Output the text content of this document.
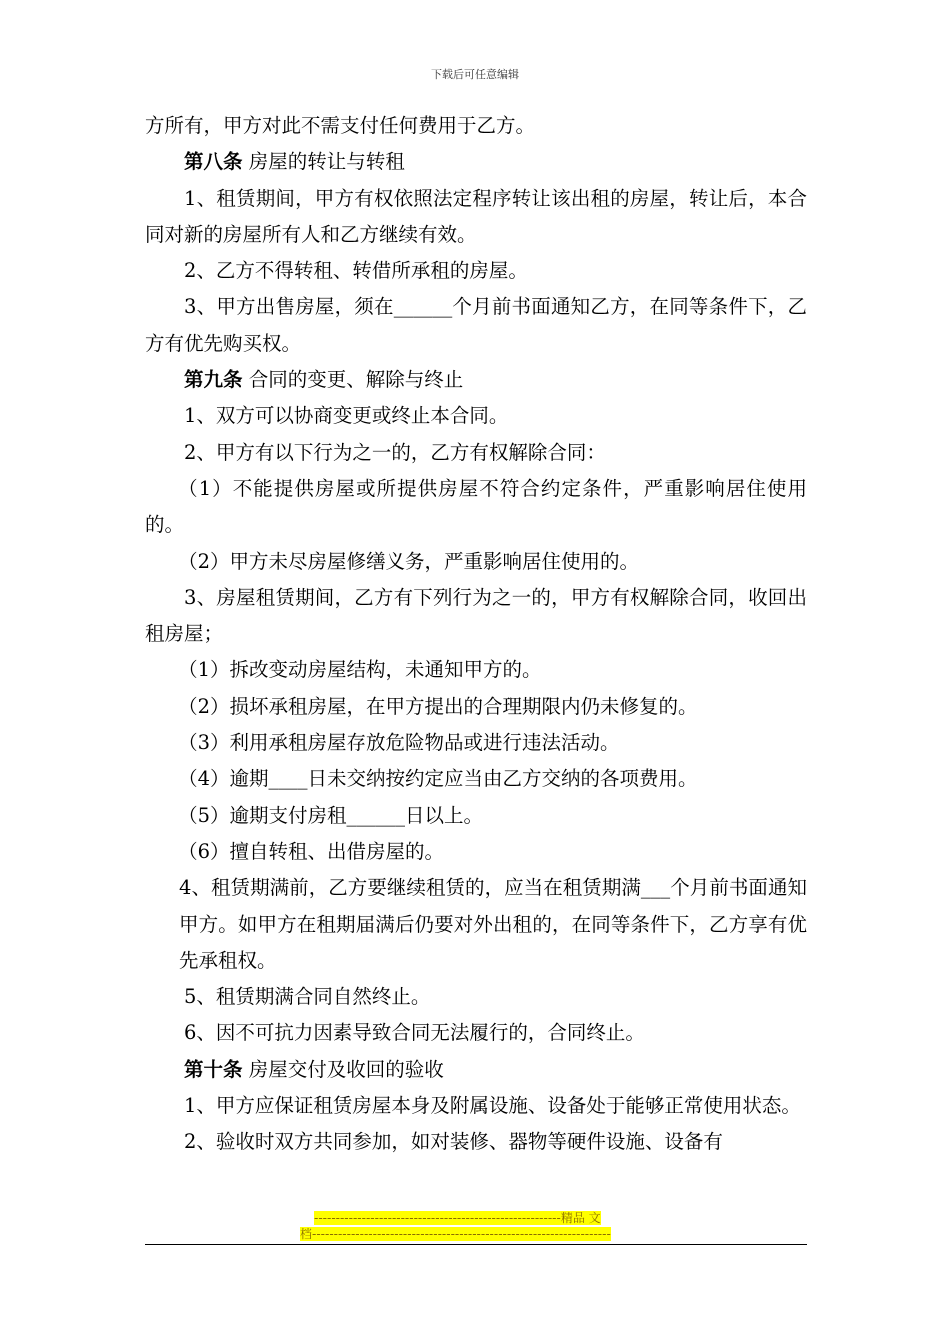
下载后可任意编辑

方所有，甲方对此不需支付任何费用于乙方。

第八条 房屋的转让与转租

1、租赁期间，甲方有权依照法定程序转让该出租的房屋，转让后，本合同对新的房屋所有人和乙方继续有效。

2、乙方不得转租、转借所承租的房屋。

3、甲方出售房屋，须在______个月前书面通知乙方，在同等条件下，乙方有优先购买权。

第九条 合同的变更、解除与终止

1、双方可以协商变更或终止本合同。

2、甲方有以下行为之一的，乙方有权解除合同：

（1）不能提供房屋或所提供房屋不符合约定条件，严重影响居住使用的。

（2）甲方未尽房屋修缮义务，严重影响居住使用的。

3、房屋租赁期间，乙方有下列行为之一的，甲方有权解除合同，收回出租房屋；

（1）拆改变动房屋结构，未通知甲方的。

（2）损坏承租房屋，在甲方提出的合理期限内仍未修复的。

（3）利用承租房屋存放危险物品或进行违法活动。

（4）逾期____日未交纳按约定应当由乙方交纳的各项费用。

（5）逾期支付房租______日以上。

（6）擅自转租、出借房屋的。

4、租赁期满前，乙方要继续租赁的，应当在租赁期满___个月前书面通知甲方。如甲方在租期届满后仍要对外出租的，在同等条件下，乙方享有优先承租权。

5、租赁期满合同自然终止。

6、因不可抗力因素导致合同无法履行的，合同终止。

第十条 房屋交付及收回的验收

1、甲方应保证租赁房屋本身及附属设施、设备处于能够正常使用状态。

2、验收时双方共同参加，如对装修、器物等硬件设施、设备有

---------------------------------------------------------精品 文
档---------------------------------------------------------------------
